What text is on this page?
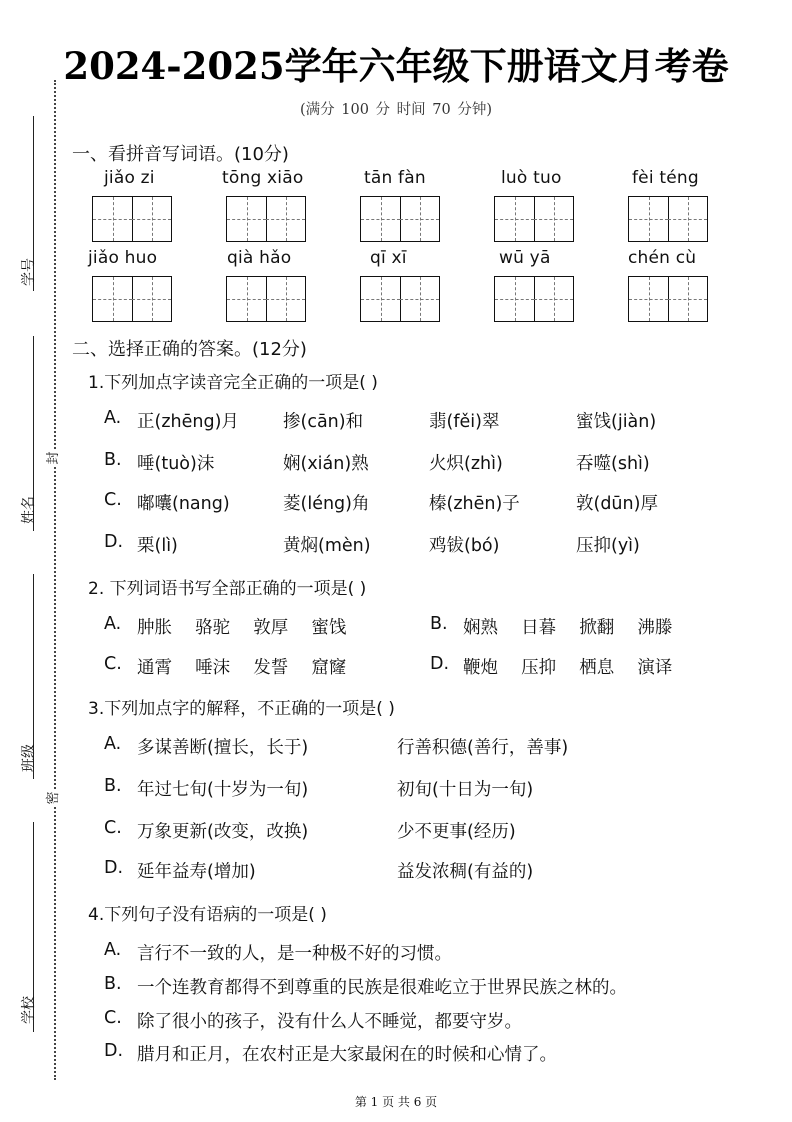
2024-2025学年六年级下册语文月考卷
(满分 100 分 时间 70 分钟)
学号
姓名
班级
学校
封
密
一、看拼音写词语。(10分)
jiǎo zi	tōng xiāo	tān fàn	luò tuo	fèi téng
jiǎo huo	qià hǎo	qī xī	wū yā	chén cù
二、选择正确的答案。(12分)
1.下列加点字读音完全正确的一项是( )
A. 正(zhēng)月	掺(cān)和	翡(fěi)翠	蜜饯(jiàn)
B. 唾(tuò)沫	娴(xián)熟	火炽(zhì)	吞噬(shì)
C. 嘟囔(nang)	菱(léng)角	榛(zhēn)子	敦(dūn)厚
D. 栗(lì)	黄焖(mèn)	鸡钹(bó)	压抑(yì)
2. 下列词语书写全部正确的一项是( )
A. 肿胀  骆驼  敦厚  蜜饯	B. 娴熟  日暮  掀翻  沸滕
C. 通霄  唾沫  发誓  窟窿	D. 鞭炮  压抑  栖息  演译
3.下列加点字的解释，不正确的一项是( )
A. 多谋善断(擅长，长于)	行善积德(善行，善事)
B. 年过七旬(十岁为一旬)	初旬(十日为一旬)
C. 万象更新(改变，改换)	少不更事(经历)
D. 延年益寿(增加)	益发浓稠(有益的)
4.下列句子没有语病的一项是( )
A. 言行不一致的人，是一种极不好的习惯。
B. 一个连教育都得不到尊重的民族是很难屹立于世界民族之林的。
C. 除了很小的孩子，没有什么人不睡觉，都要守岁。
D. 腊月和正月，在农村正是大家最闲在的时候和心情了。
第 1 页 共 6 页
